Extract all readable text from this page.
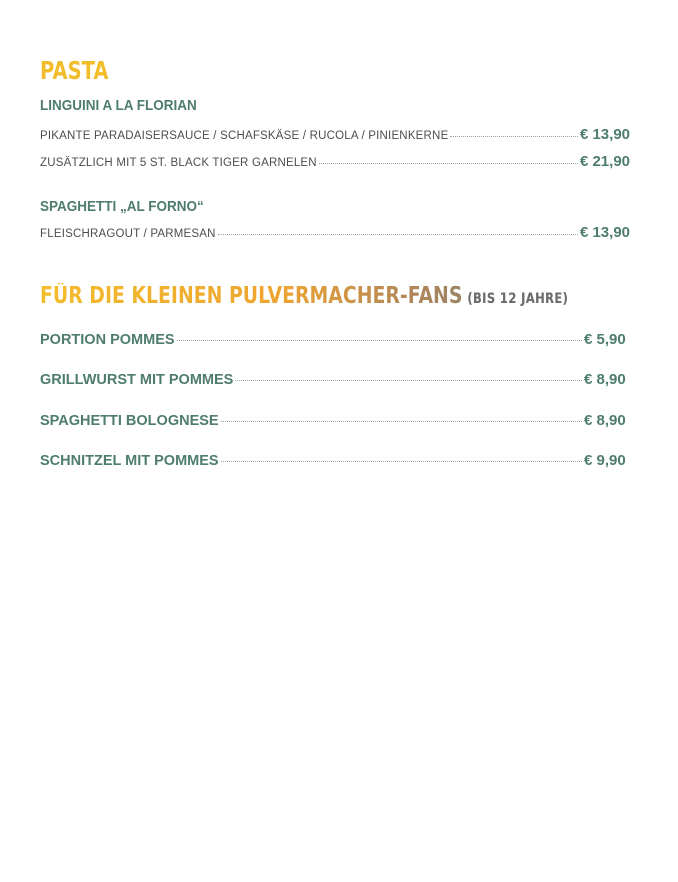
PASTA
LINGUINI A LA FLORIAN
PIKANTE PARADAISERSAUCE / SCHAFSKÄSE / RUCOLA / PINIENKERNE	€ 13,90
ZUSÄTZLICH MIT 5 ST. BLACK TIGER GARNELEN	€ 21,90
SPAGHETTI „AL FORNO“
FLEISCHRAGOUT / PARMESAN	€ 13,90
FÜR DIE KLEINEN PULVERMACHER-FANS (BIS 12 JAHRE)
PORTION POMMES	€ 5,90
GRILLWURST MIT POMMES	€ 8,90
SPAGHETTI BOLOGNESE	€ 8,90
SCHNITZEL MIT POMMES	€ 9,90
